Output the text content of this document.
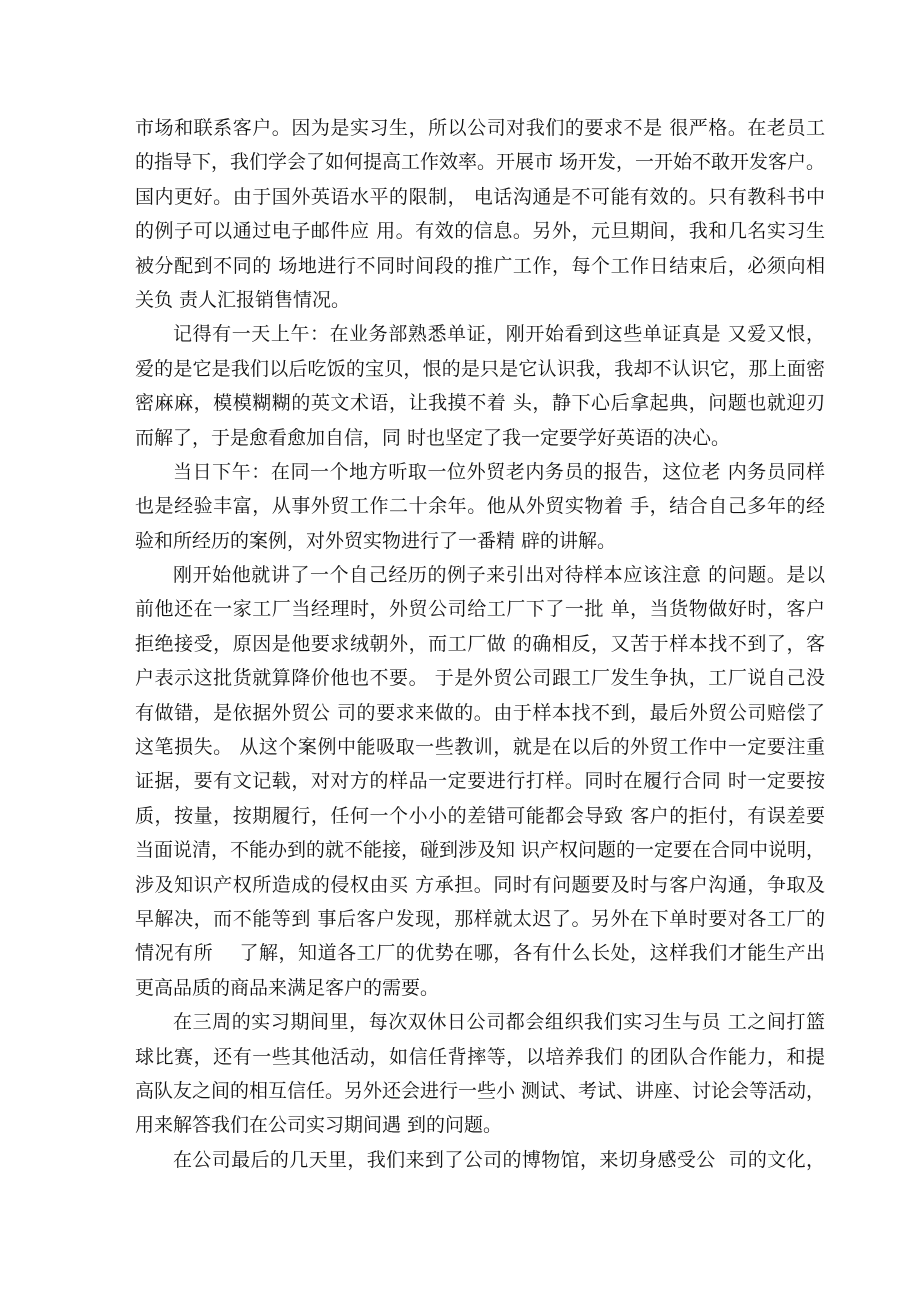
市场和联系客户。因为是实习生，所以公司对我们的要求不是 很严格。在老员工
的指导下，我们学会了如何提高工作效率。开展市 场开发，一开始不敢开发客户。
国内更好。由于国外英语水平的限制， 电话沟通是不可能有效的。只有教科书中
的例子可以通过电子邮件应 用。有效的信息。另外，元旦期间，我和几名实习生
被分配到不同的 场地进行不同时间段的推广工作，每个工作日结束后，必须向相
关负 责人汇报销售情况。
记得有一天上午：在业务部熟悉单证，刚开始看到这些单证真是 又爱又恨，
爱的是它是我们以后吃饭的宝贝，恨的是只是它认识我，我却不认识它，那上面密
密麻麻，模模糊糊的英文术语，让我摸不着 头，静下心后拿起典，问题也就迎刃
而解了，于是愈看愈加自信，同 时也坚定了我一定要学好英语的决心。
当日下午：在同一个地方听取一位外贸老内务员的报告，这位老 内务员同样
也是经验丰富，从事外贸工作二十余年。他从外贸实物着 手，结合自己多年的经
验和所经历的案例，对外贸实物进行了一番精 辟的讲解。
刚开始他就讲了一个自己经历的例子来引出对待样本应该注意 的问题。是以
前他还在一家工厂当经理时，外贸公司给工厂下了一批 单，当货物做好时，客户
拒绝接受，原因是他要求绒朝外，而工厂做 的确相反，又苦于样本找不到了，客
户表示这批货就算降价他也不要。 于是外贸公司跟工厂发生争执，工厂说自己没
有做错，是依据外贸公 司的要求来做的。由于样本找不到，最后外贸公司赔偿了
这笔损失。 从这个案例中能吸取一些教训，就是在以后的外贸工作中一定要注重
证据，要有文记载，对对方的样品一定要进行打样。同时在履行合同 时一定要按
质，按量，按期履行，任何一个小小的差错可能都会导致 客户的拒付，有误差要
当面说清，不能办到的就不能接，碰到涉及知 识产权问题的一定要在合同中说明，
涉及知识产权所造成的侵权由买 方承担。同时有问题要及时与客户沟通，争取及
早解决，而不能等到 事后客户发现，那样就太迟了。另外在下单时要对各工厂的
情况有所    了解，知道各工厂的优势在哪，各有什么长处，这样我们才能生产出
更高品质的商品来满足客户的需要。
在三周的实习期间里，每次双休日公司都会组织我们实习生与员 工之间打篮
球比赛，还有一些其他活动，如信任背摔等，以培养我们 的团队合作能力，和提
高队友之间的相互信任。另外还会进行一些小 测试、考试、讲座、讨论会等活动，
用来解答我们在公司实习期间遇 到的问题。
在公司最后的几天里，我们来到了公司的博物馆，来切身感受公  司的文化，
